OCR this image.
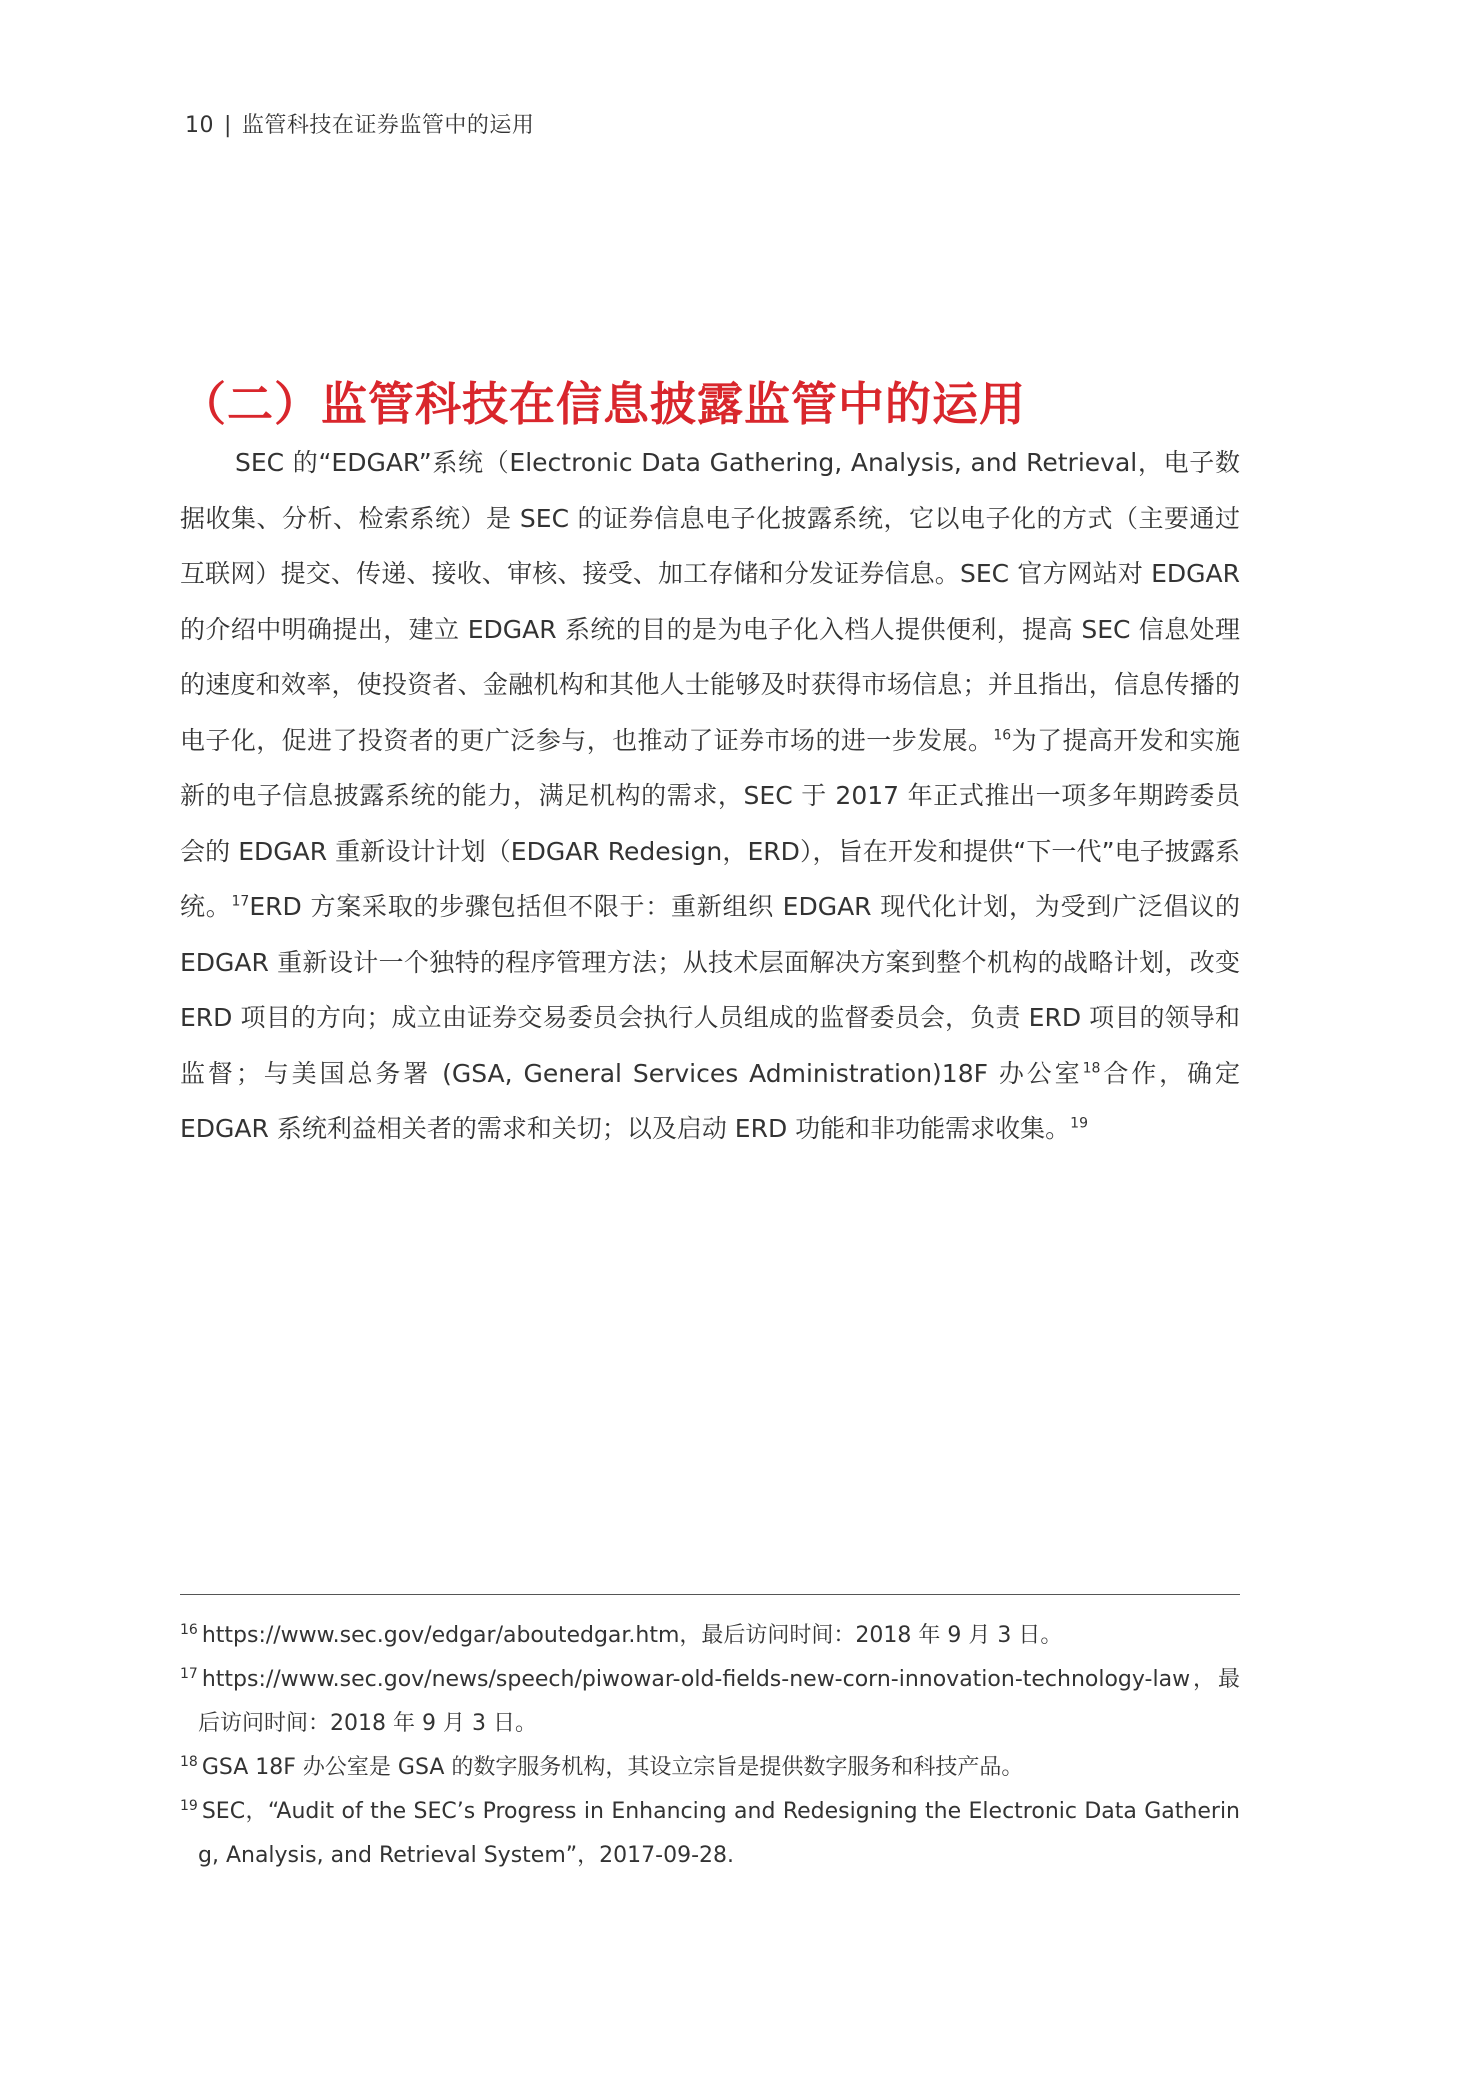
10 | 监管科技在证券监管中的运用
（二）监管科技在信息披露监管中的运用

SEC 的“EDGAR”系统（Electronic Data Gathering, Analysis, and Retrieval，电子数据收集、分析、检索系统）是 SEC 的证券信息电子化披露系统，它以电子化的方式（主要通过互联网）提交、传递、接收、审核、接受、加工存储和分发证券信息。SEC 官方网站对 EDGAR 的介绍中明确提出，建立 EDGAR 系统的目的是为电子化入档人提供便利，提高 SEC 信息处理的速度和效率，使投资者、金融机构和其他人士能够及时获得市场信息；并且指出，信息传播的电子化，促进了投资者的更广泛参与，也推动了证券市场的进一步发展。$^{16}$为了提高开发和实施新的电子信息披露系统的能力，满足机构的需求，SEC 于 2017 年正式推出一项多年期跨委员会的 EDGAR 重新设计计划（EDGAR Redesign，ERD），旨在开发和提供“下一代”电子披露系统。$^{17}$ERD 方案采取的步骤包括但不限于：重新组织 EDGAR 现代化计划，为受到广泛倡议的 EDGAR 重新设计一个独特的程序管理方法；从技术层面解决方案到整个机构的战略计划，改变 ERD 项目的方向；成立由证券交易委员会执行人员组成的监督委员会，负责 ERD 项目的领导和监督；与美国总务署 (GSA, General Services Administration)18F 办公室$^{18}$合作，确定 EDGAR 系统利益相关者的需求和关切；以及启动 ERD 功能和非功能需求收集。$^{19}$

$^{16}$ https://www.sec.gov/edgar/aboutedgar.htm，最后访问时间：2018 年 9 月 3 日。

$^{17}$ https://www.sec.gov/news/speech/piwowar-old-fields-new-corn-innovation-technology-law，最后访问时间：2018 年 9 月 3 日。

$^{18}$ GSA 18F 办公室是 GSA 的数字服务机构，其设立宗旨是提供数字服务和科技产品。

$^{19}$ SEC，“Audit of the SEC’s Progress in Enhancing and Redesigning the Electronic Data Gathering, Analysis, and Retrieval System”，2017-09-28.
